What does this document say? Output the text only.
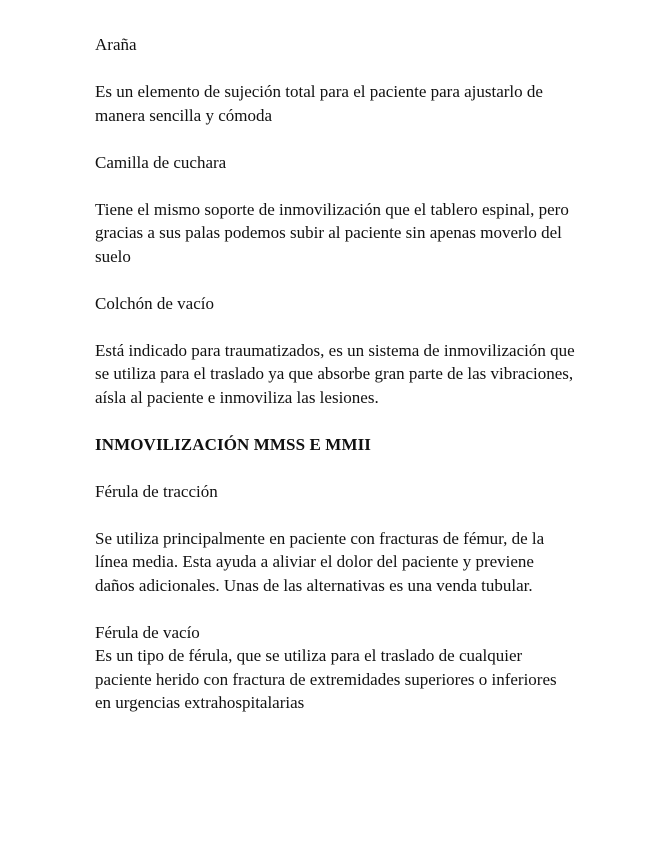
Araña

Es un elemento de sujeción total para el paciente para ajustarlo de manera sencilla y cómoda

Camilla de cuchara

Tiene el mismo soporte de inmovilización que el tablero espinal, pero gracias a sus palas podemos subir al paciente sin apenas moverlo del suelo

Colchón de vacío

Está indicado para traumatizados, es un sistema de inmovilización que se utiliza para el traslado ya que absorbe gran parte de las vibraciones, aísla al paciente e inmoviliza las lesiones.

INMOVILIZACIÓN MMSS E MMII

Férula de tracción

Se utiliza principalmente en paciente con fracturas de fémur, de la línea media. Esta ayuda a aliviar el dolor del paciente y previene daños adicionales. Unas de las alternativas es una venda tubular.

Férula de vacío

Es un tipo de férula, que se utiliza para el traslado de cualquier paciente herido con fractura de extremidades superiores o inferiores en urgencias extrahospitalarias
